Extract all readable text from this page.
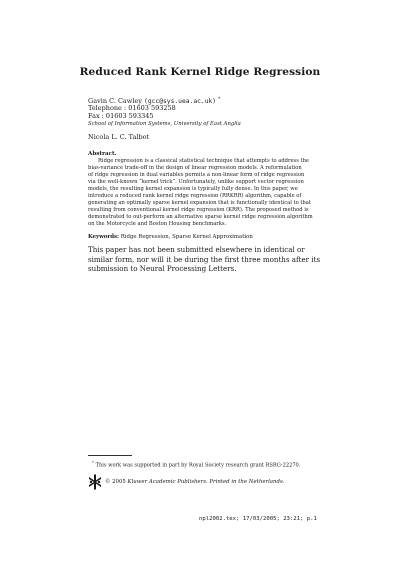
Reduced Rank Kernel Ridge Regression
Gavin C. Cawley (gcc@sys.uea.ac.uk) *
Telephone : 01603 593258
Fax : 01603 593345
School of Information Systems, University of East Anglia
Nicola L. C. Talbot
Abstract.
Ridge regression is a classical statistical technique that attempts to address the
bias-variance trade-off in the design of linear regression models. A reformulation
of ridge regression in dual variables permits a non-linear form of ridge regression
via the well-known “kernel trick”. Unfortunately, unlike support vector regression
models, the resulting kernel expansion is typically fully dense. In this paper, we
introduce a reduced rank kernel ridge regression (RRKRR) algorithm, capable of
generating an optimally sparse kernel expansion that is functionally identical to that
resulting from conventional kernel ridge regression (KRR). The proposed method is
demonstrated to out-perform an alternative sparse kernel ridge regression algorithm
on the Motorcycle and Boston Housing benchmarks.
Keywords: Ridge Regression, Sparse Kernel Approximation
This paper has not been submitted elsewhere in identical or similar form, nor will it be during the first three months after its submission to Neural Processing Letters.
* This work was supported in part by Royal Society research grant RSRG-22270.
© 2005 Kluwer Academic Publishers. Printed in the Netherlands.
npl2002.tex; 17/03/2005; 23:21; p.1
